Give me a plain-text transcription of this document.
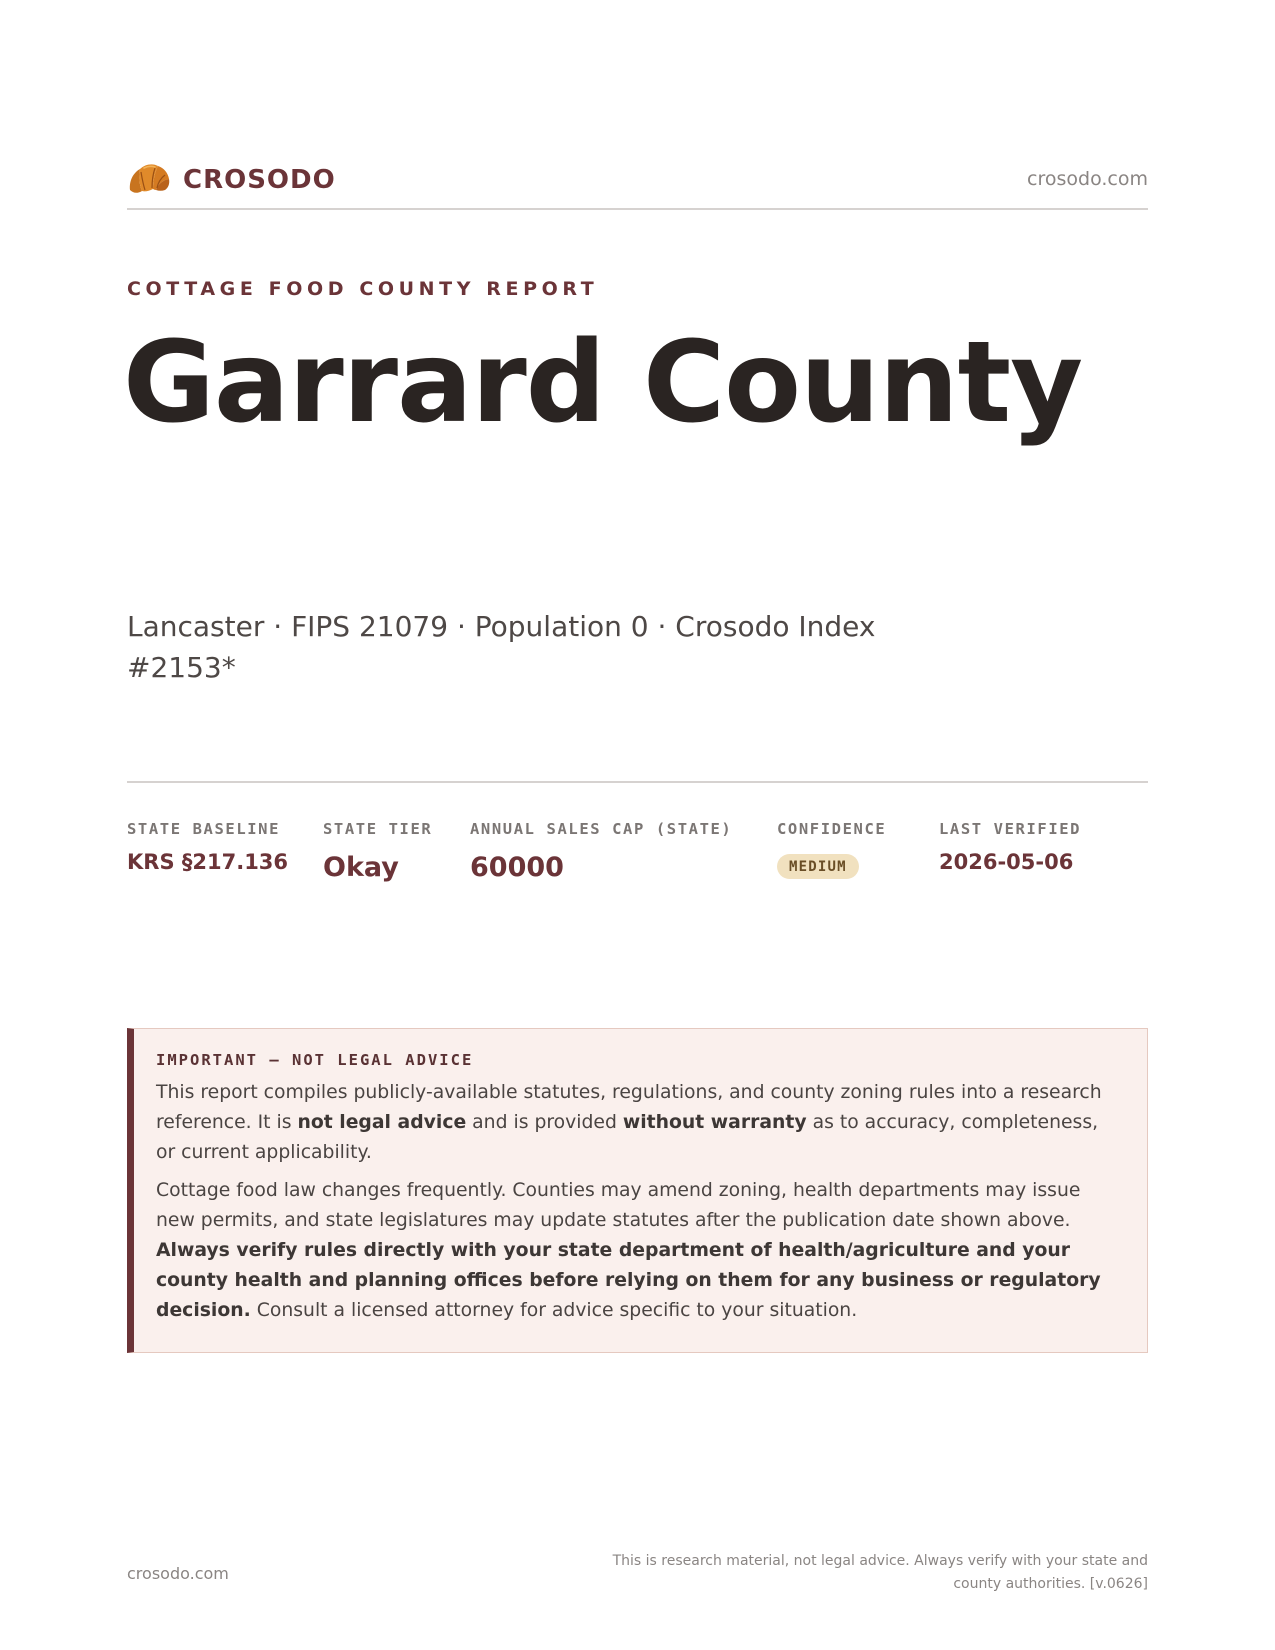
CROSODO	crosodo.com
COTTAGE FOOD COUNTY REPORT
Garrard County
Lancaster · FIPS 21079 · Population 0 · Crosodo Index #2153*
STATE BASELINE
KRS §217.136
STATE TIER
Okay
ANNUAL SALES CAP (STATE)
60000
CONFIDENCE
MEDIUM
LAST VERIFIED
2026-05-06
IMPORTANT — NOT LEGAL ADVICE

This report compiles publicly-available statutes, regulations, and county zoning rules into a research reference. It is not legal advice and is provided without warranty as to accuracy, completeness, or current applicability.

Cottage food law changes frequently. Counties may amend zoning, health departments may issue new permits, and state legislatures may update statutes after the publication date shown above. Always verify rules directly with your state department of health/agriculture and your county health and planning offices before relying on them for any business or regulatory decision. Consult a licensed attorney for advice specific to your situation.

crosodo.com
This is research material, not legal advice. Always verify with your state and county authorities. [v.0626]
